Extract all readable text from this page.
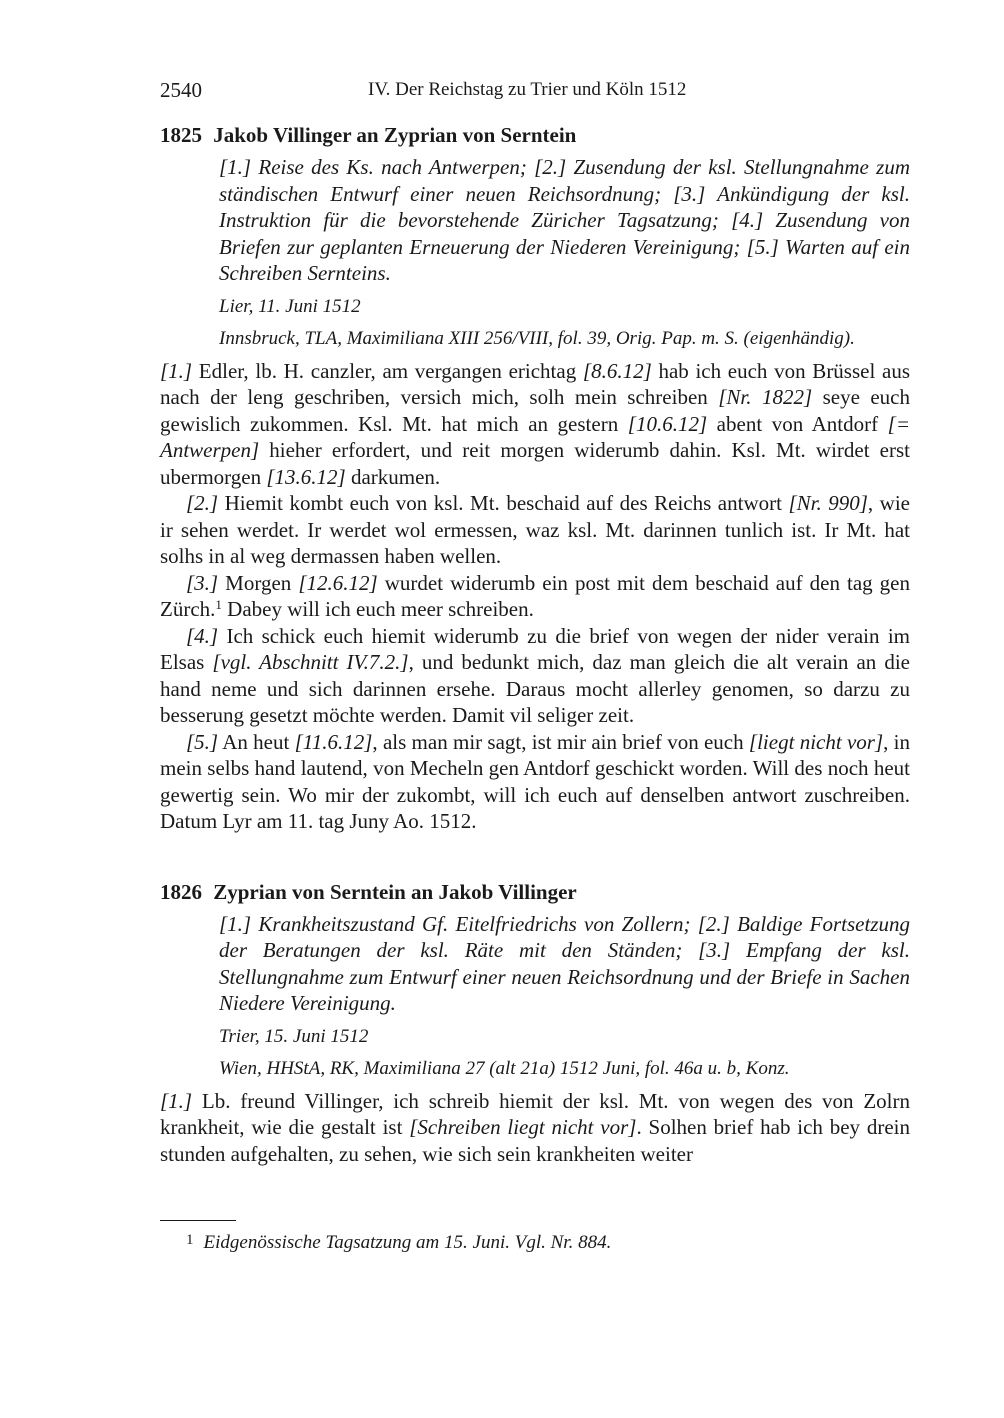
2540	IV. Der Reichstag zu Trier und Köln 1512
1825 Jakob Villinger an Zyprian von Serntein

[1.] Reise des Ks. nach Antwerpen; [2.] Zusendung der ksl. Stellungnahme zum ständischen Entwurf einer neuen Reichsordnung; [3.] Ankündigung der ksl. Instruktion für die bevorstehende Züricher Tagsatzung; [4.] Zusendung von Briefen zur geplanten Erneuerung der Niederen Vereinigung; [5.] Warten auf ein Schreiben Sernteins.

Lier, 11. Juni 1512

Innsbruck, TLA, Maximiliana XIII 256/VIII, fol. 39, Orig. Pap. m. S. (eigenhändig).

[1.] Edler, lb. H. canzler, am vergangen erichtag [8.6.12] hab ich euch von Brüssel aus nach der leng geschriben, versich mich, solh mein schreiben [Nr. 1822] seye euch gewislich zukommen. Ksl. Mt. hat mich an gestern [10.6.12] abent von Antdorf [= Antwerpen] hieher erfordert, und reit morgen widerumb dahin. Ksl. Mt. wirdet erst ubermorgen [13.6.12] darkumen.

[2.] Hiemit kombt euch von ksl. Mt. beschaid auf des Reichs antwort [Nr. 990], wie ir sehen werdet. Ir werdet wol ermessen, waz ksl. Mt. darinnen tunlich ist. Ir Mt. hat solhs in al weg dermassen haben wellen.

[3.] Morgen [12.6.12] wurdet widerumb ein post mit dem beschaid auf den tag gen Zürch.$^1$ Dabey will ich euch meer schreiben.

[4.] Ich schick euch hiemit widerumb zu die brief von wegen der nider verain im Elsas [vgl. Abschnitt IV.7.2.], und bedunkt mich, daz man gleich die alt verain an die hand neme und sich darinnen ersehe. Daraus mocht allerley genomen, so darzu zu besserung gesetzt möchte werden. Damit vil seliger zeit.

[5.] An heut [11.6.12], als man mir sagt, ist mir ain brief von euch [liegt nicht vor], in mein selbs hand lautend, von Mecheln gen Antdorf geschickt worden. Will des noch heut gewertig sein. Wo mir der zukombt, will ich euch auf denselben antwort zuschreiben. Datum Lyr am 11. tag Juny Ao. 1512.

1826 Zyprian von Serntein an Jakob Villinger

[1.] Krankheitszustand Gf. Eitelfriedrichs von Zollern; [2.] Baldige Fortsetzung der Beratungen der ksl. Räte mit den Ständen; [3.] Empfang der ksl. Stellungnahme zum Entwurf einer neuen Reichsordnung und der Briefe in Sachen Niedere Vereinigung.

Trier, 15. Juni 1512

Wien, HHStA, RK, Maximiliana 27 (alt 21a) 1512 Juni, fol. 46a u. b, Konz.

[1.] Lb. freund Villinger, ich schreib hiemit der ksl. Mt. von wegen des von Zolrn krankheit, wie die gestalt ist [Schreiben liegt nicht vor]. Solhen brief hab ich bey drein stunden aufgehalten, zu sehen, wie sich sein krankheiten weiter

$^1$ Eidgenössische Tagsatzung am 15. Juni. Vgl. Nr. 884.
